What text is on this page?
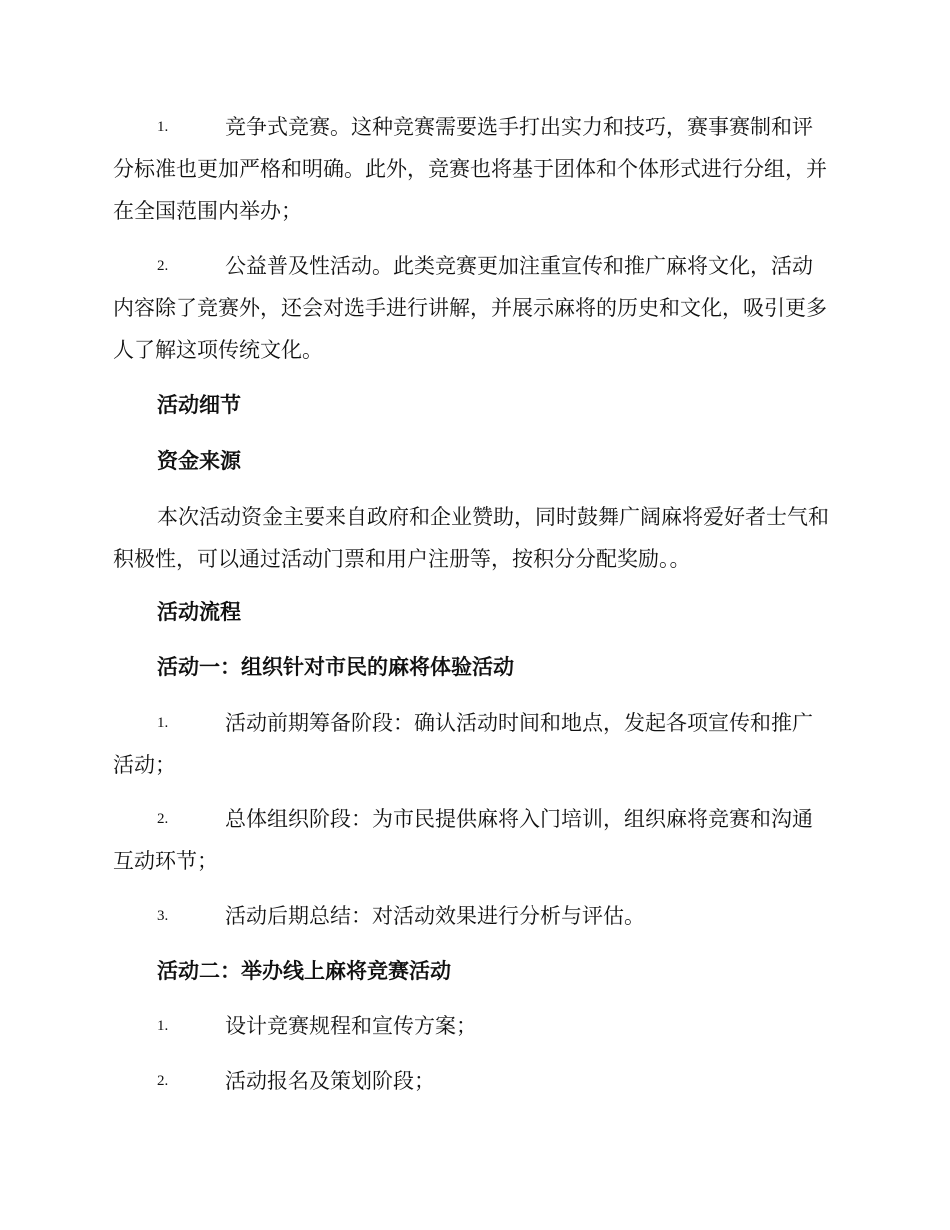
1.	竞争式竞赛。这种竞赛需要选手打出实力和技巧，赛事赛制和评分标准也更加严格和明确。此外，竞赛也将基于团体和个体形式进行分组，并在全国范围内举办；

2.	公益普及性活动。此类竞赛更加注重宣传和推广麻将文化，活动内容除了竞赛外，还会对选手进行讲解，并展示麻将的历史和文化，吸引更多人了解这项传统文化。

活动细节

资金来源

本次活动资金主要来自政府和企业赞助，同时鼓舞广阔麻将爱好者士气和积极性，可以通过活动门票和用户注册等，按积分分配奖励。。

活动流程

活动一：组织针对市民的麻将体验活动

1.	活动前期筹备阶段：确认活动时间和地点，发起各项宣传和推广活动；

2.	总体组织阶段：为市民提供麻将入门培训，组织麻将竞赛和沟通互动环节；

3.	活动后期总结：对活动效果进行分析与评估。

活动二：举办线上麻将竞赛活动

1.	设计竞赛规程和宣传方案；

2.	活动报名及策划阶段；
